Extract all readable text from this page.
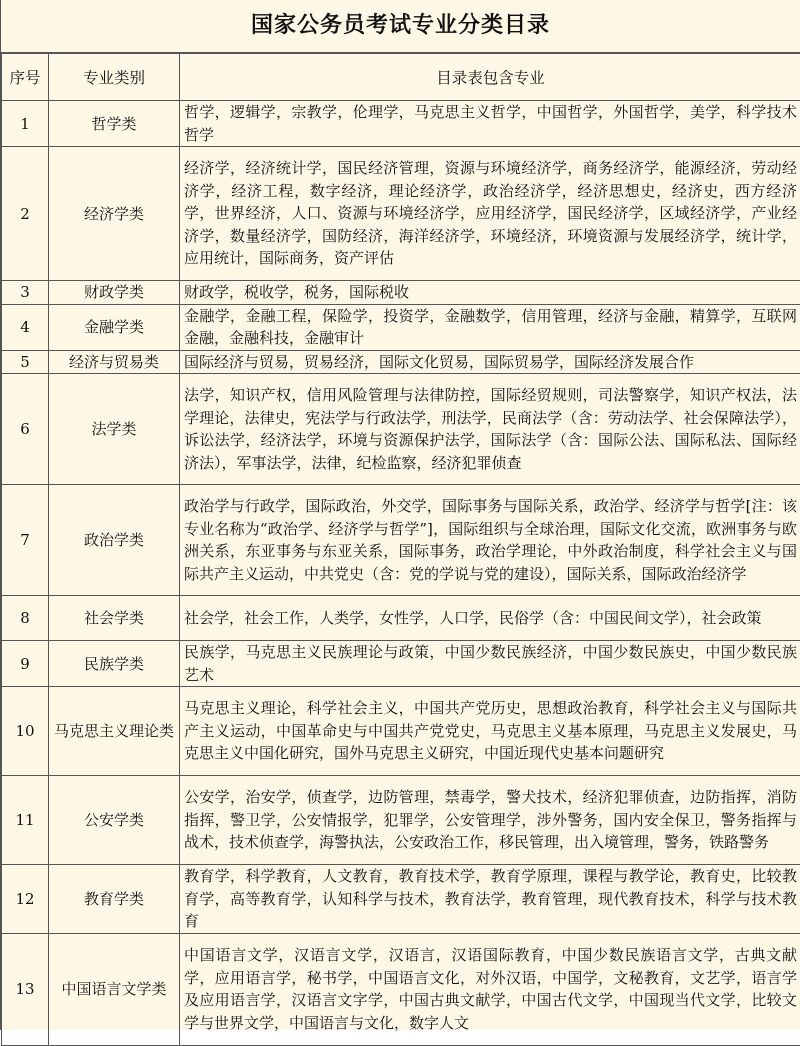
国家公务员考试专业分类目录
序号	专业类别	目录表包含专业
1	哲学类	哲学，逻辑学，宗教学，伦理学，马克思主义哲学，中国哲学，外国哲学，美学，科学技术哲学
2	经济学类	经济学，经济统计学，国民经济管理，资源与环境经济学，商务经济学，能源经济，劳动经济学，经济工程，数字经济，理论经济学，政治经济学，经济思想史，经济史，西方经济学，世界经济，人口、资源与环境经济学，应用经济学，国民经济学，区域经济学，产业经济学，数量经济学，国防经济，海洋经济学，环境经济，环境资源与发展经济学，统计学，应用统计，国际商务，资产评估
3	财政学类	财政学，税收学，税务，国际税收
4	金融学类	金融学，金融工程，保险学，投资学，金融数学，信用管理，经济与金融，精算学，互联网金融，金融科技，金融审计
5	经济与贸易类	国际经济与贸易，贸易经济，国际文化贸易，国际贸易学，国际经济发展合作
6	法学类	法学，知识产权，信用风险管理与法律防控，国际经贸规则，司法警察学，知识产权法，法学理论，法律史，宪法学与行政法学，刑法学，民商法学（含：劳动法学、社会保障法学），诉讼法学，经济法学，环境与资源保护法学，国际法学（含：国际公法、国际私法、国际经济法），军事法学，法律，纪检监察，经济犯罪侦查
7	政治学类	政治学与行政学，国际政治，外交学，国际事务与国际关系，政治学、经济学与哲学[注：该专业名称为“政治学、经济学与哲学”]，国际组织与全球治理，国际文化交流，欧洲事务与欧洲关系，东亚事务与东亚关系，国际事务，政治学理论，中外政治制度，科学社会主义与国际共产主义运动，中共党史（含：党的学说与党的建设），国际关系，国际政治经济学
8	社会学类	社会学，社会工作，人类学，女性学，人口学，民俗学（含：中国民间文学），社会政策
9	民族学类	民族学，马克思主义民族理论与政策，中国少数民族经济，中国少数民族史，中国少数民族艺术
10	马克思主义理论类	马克思主义理论，科学社会主义，中国共产党历史，思想政治教育，科学社会主义与国际共产主义运动，中国革命史与中国共产党党史，马克思主义基本原理，马克思主义发展史，马克思主义中国化研究，国外马克思主义研究，中国近现代史基本问题研究
11	公安学类	公安学，治安学，侦查学，边防管理，禁毒学，警犬技术，经济犯罪侦查，边防指挥，消防指挥，警卫学，公安情报学，犯罪学，公安管理学，涉外警务，国内安全保卫，警务指挥与战术，技术侦查学，海警执法，公安政治工作，移民管理，出入境管理，警务，铁路警务
12	教育学类	教育学，科学教育，人文教育，教育技术学，教育学原理，课程与教学论，教育史，比较教育学，高等教育学，认知科学与技术，教育法学，教育管理，现代教育技术，科学与技术教育
13	中国语言文学类	中国语言文学，汉语言文学，汉语言，汉语国际教育，中国少数民族语言文学，古典文献学，应用语言学，秘书学，中国语言文化，对外汉语，中国学，文秘教育，文艺学，语言学及应用语言学，汉语言文字学，中国古典文献学，中国古代文学，中国现当代文学，比较文学与世界文学，中国语言与文化，数字人文
